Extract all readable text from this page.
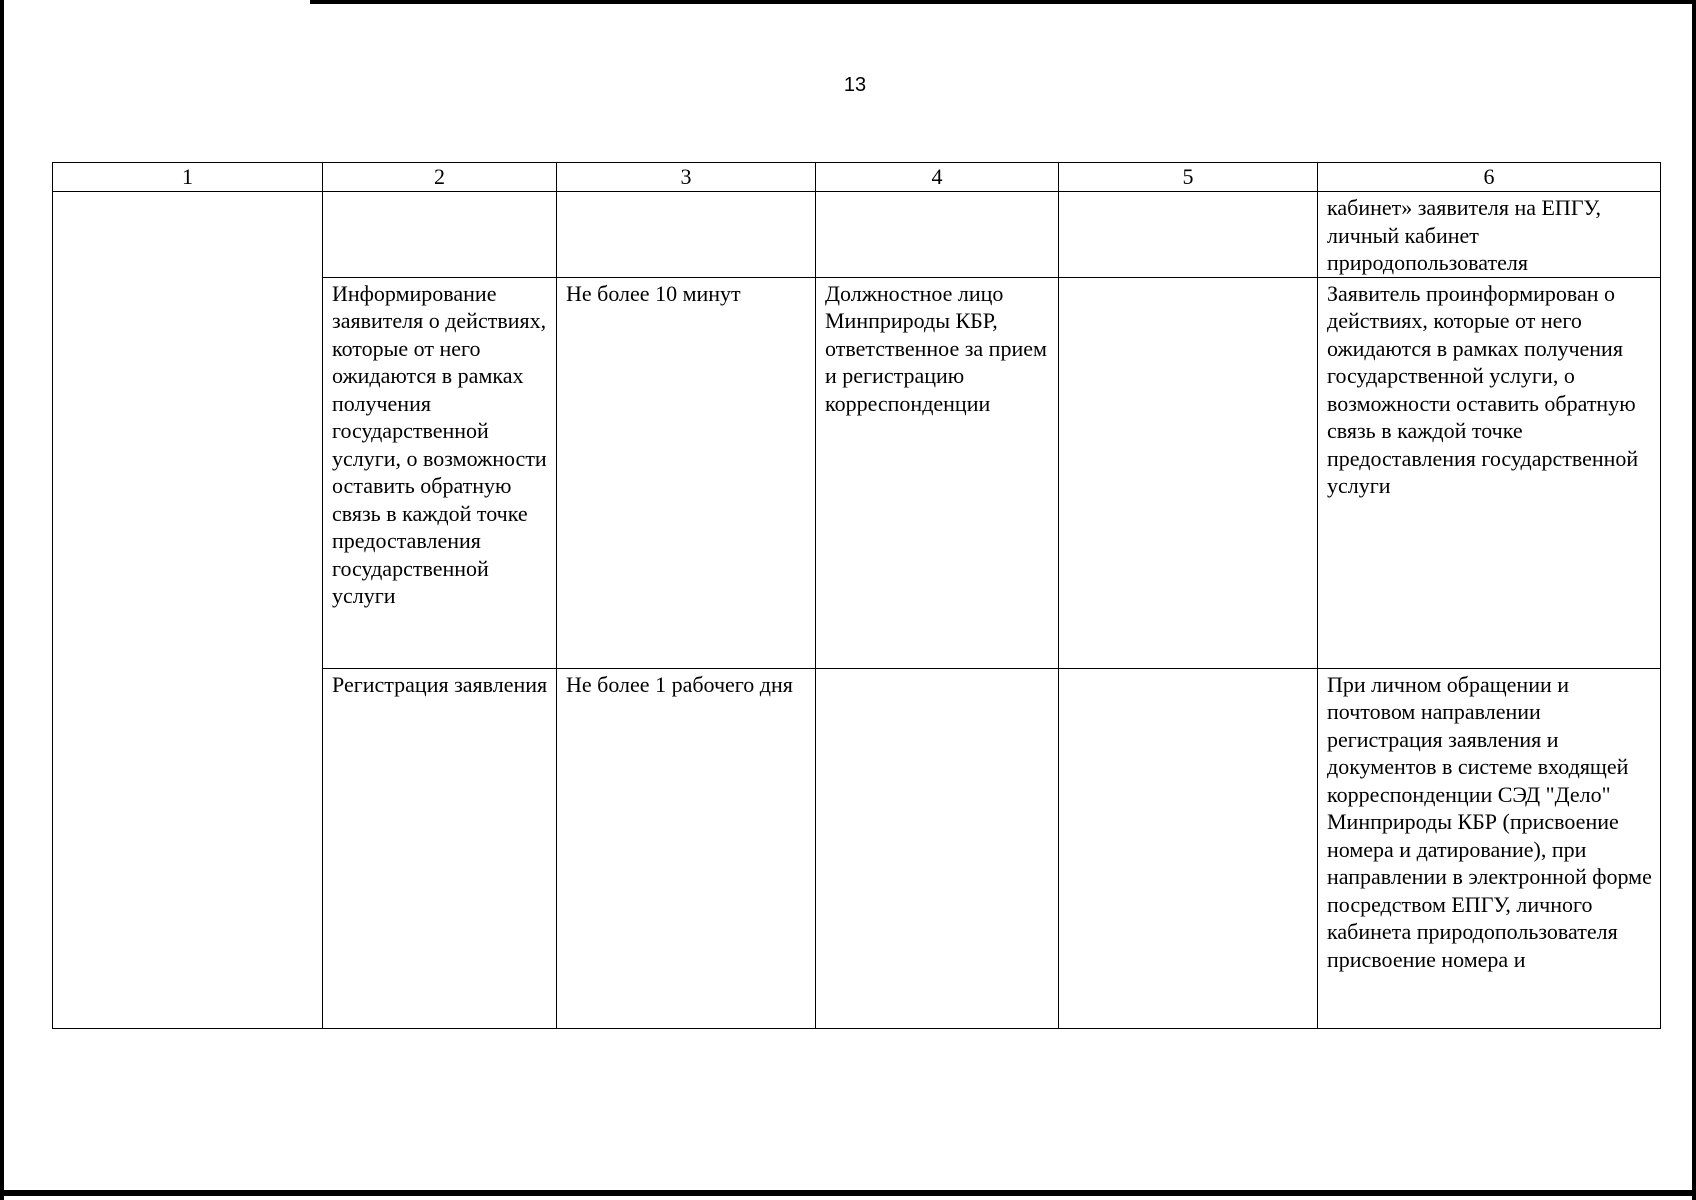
13
1	2	3	4	5	6
					кабинет» заявителя на ЕПГУ, личный кабинет природопользователя
	Информирование заявителя о действиях, которые от него ожидаются в рамках получения государственной услуги, о возможности оставить обратную связь в каждой точке предоставления государственной услуги	Не более 10 минут	Должностное лицо Минприроды КБР, ответственное за прием и регистрацию корреспонденции		Заявитель проинформирован о действиях, которые от него ожидаются в рамках получения государственной услуги, о возможности оставить обратную связь в каждой точке предоставления государственной услуги
	Регистрация заявления	Не более 1 рабочего дня			При личном обращении и почтовом направлении регистрация заявления и документов в системе входящей корреспонденции СЭД "Дело" Минприроды КБР (присвоение номера и датирование), при направлении в электронной форме посредством ЕПГУ, личного кабинета природопользователя присвоение номера и
